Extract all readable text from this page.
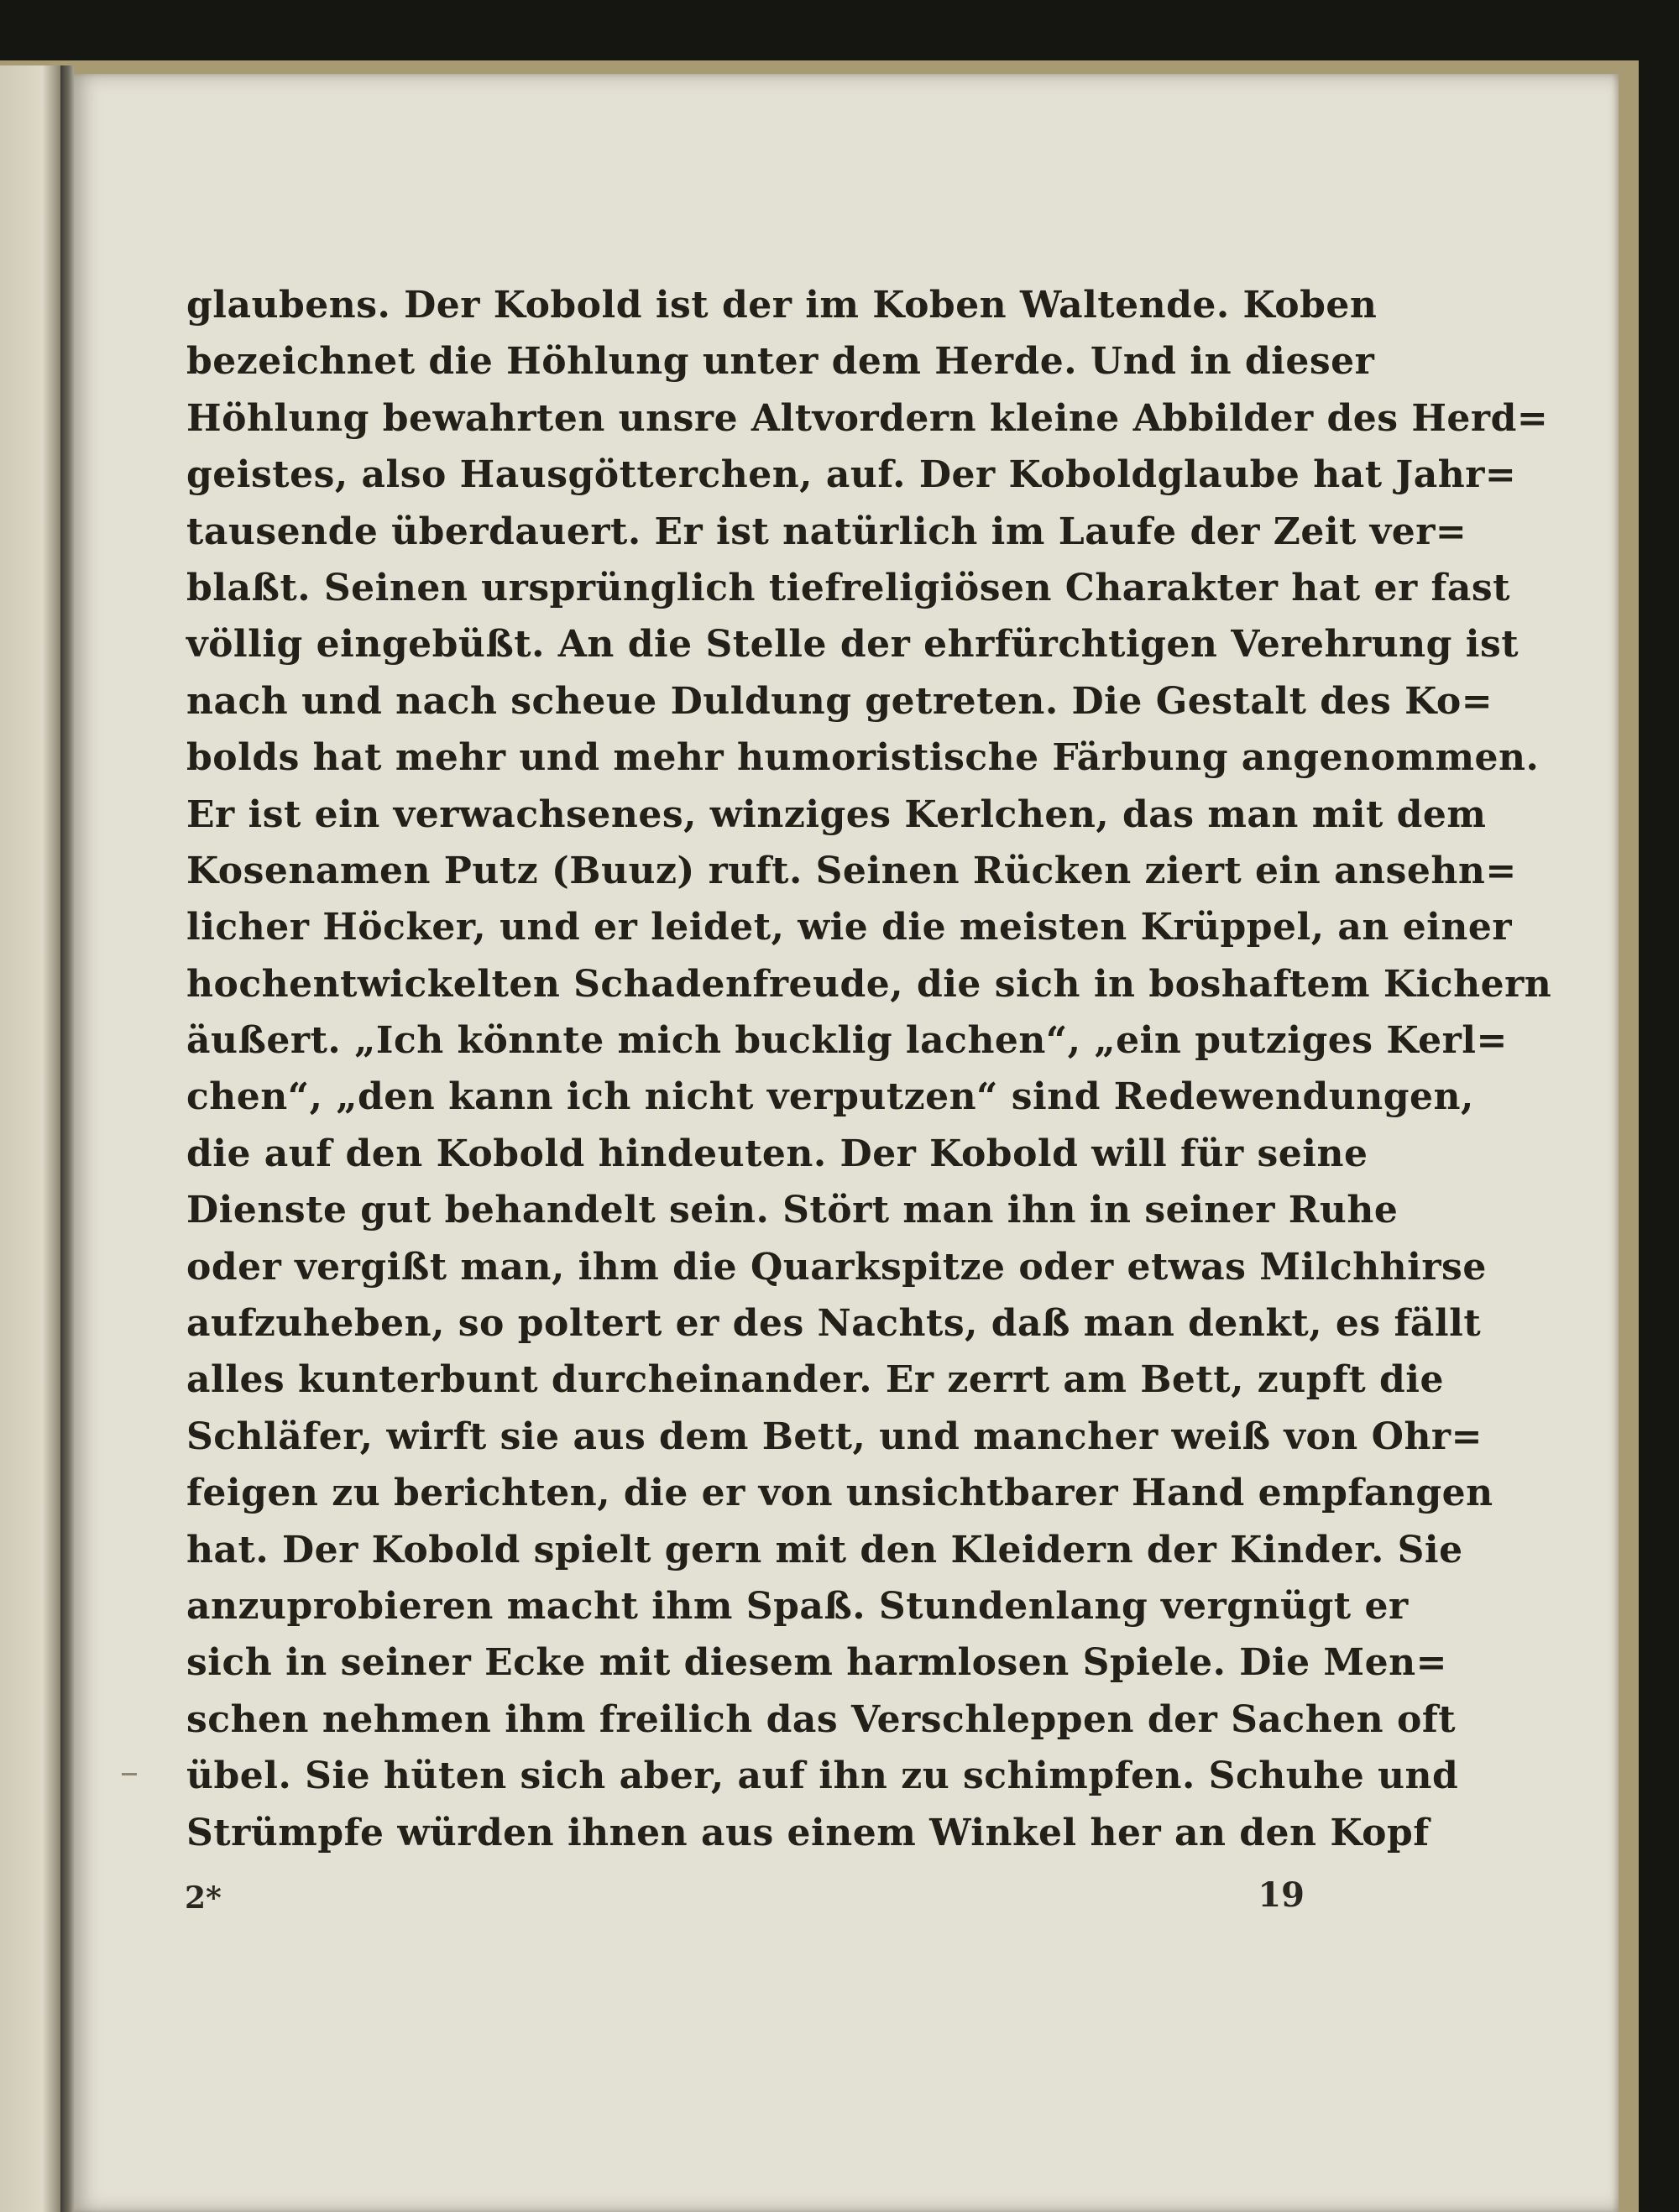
glaubens. Der Kobold ist der im Koben Waltende. Koben
bezeichnet die Höhlung unter dem Herde. Und in dieser
Höhlung bewahrten unsre Altvordern kleine Abbilder des Herd=
geistes, also Hausgötterchen, auf. Der Koboldglaube hat Jahr=
tausende überdauert. Er ist natürlich im Laufe der Zeit ver=
blaßt. Seinen ursprünglich tiefreligiösen Charakter hat er fast
völlig eingebüßt. An die Stelle der ehrfürchtigen Verehrung ist
nach und nach scheue Duldung getreten. Die Gestalt des Ko=
bolds hat mehr und mehr humoristische Färbung angenommen.
Er ist ein verwachsenes, winziges Kerlchen, das man mit dem
Kosenamen Putz (Buuz) ruft. Seinen Rücken ziert ein ansehn=
licher Höcker, und er leidet, wie die meisten Krüppel, an einer
hochentwickelten Schadenfreude, die sich in boshaftem Kichern
äußert. „Ich könnte mich bucklig lachen“, „ein putziges Kerl=
chen“, „den kann ich nicht verputzen“ sind Redewendungen,
die auf den Kobold hindeuten. Der Kobold will für seine
Dienste gut behandelt sein. Stört man ihn in seiner Ruhe
oder vergißt man, ihm die Quarkspitze oder etwas Milchhirse
aufzuheben, so poltert er des Nachts, daß man denkt, es fällt
alles kunterbunt durcheinander. Er zerrt am Bett, zupft die
Schläfer, wirft sie aus dem Bett, und mancher weiß von Ohr=
feigen zu berichten, die er von unsichtbarer Hand empfangen
hat. Der Kobold spielt gern mit den Kleidern der Kinder. Sie
anzuprobieren macht ihm Spaß. Stundenlang vergnügt er
sich in seiner Ecke mit diesem harmlosen Spiele. Die Men=
schen nehmen ihm freilich das Verschleppen der Sachen oft
übel. Sie hüten sich aber, auf ihn zu schimpfen. Schuhe und
Strümpfe würden ihnen aus einem Winkel her an den Kopf
2*	19
